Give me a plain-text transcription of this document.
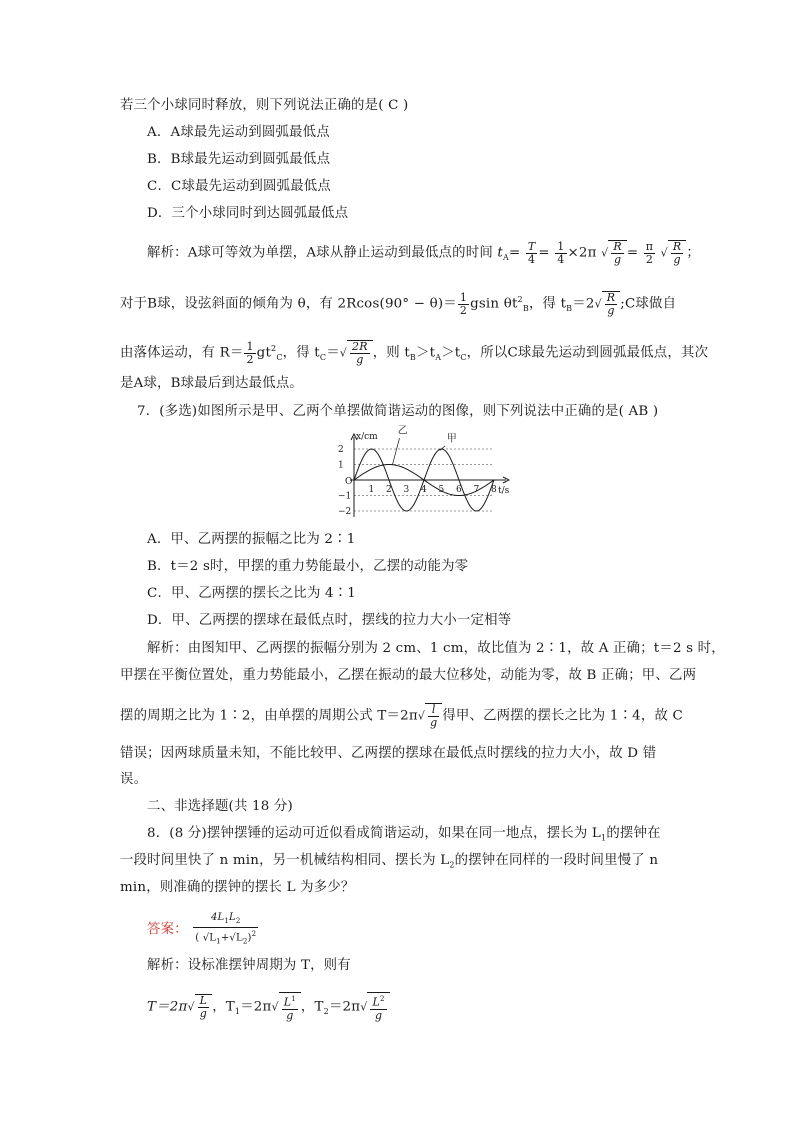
若三个小球同时释放，则下列说法正确的是( C )
A．A球最先运动到圆弧最低点
B．B球最先运动到圆弧最低点
C．C球最先运动到圆弧最低点
D．三个小球同时到达圆弧最低点
解析：A球可等效为单摆，A球从静止运动到最低点的时间 $t_A= \frac{T}{4} = \frac{1}{4} \times 2\pi$ √ $\frac{R}{g} = \frac{\pi}{2}$ √ $\frac{R}{g}$ ；
对于B球，设弦斜面的倾角为 θ，有 $2Rcos(90^\circ - \theta)= \frac{1}{2}$ gsin $\theta t^2_B$，得 $t_B=2√ \frac{R}{g}$ ;C球做自
由落体运动，有 $R= \frac{1}{2} gt^2_C$，得 $t_C=√ \frac{2R}{g}$ ，则 $t_B>t_A>t_C$，所以C球最先运动到圆弧最低点，其次
是A球，B球最后到达最低点。
7．(多选)如图所示是甲、乙两个单摆做简谐运动的图像，则下列说法中正确的是( AB )
x/cm
t/s
O
2
1
−1
−2
1 2 3 4 5 6 7 8
甲
乙
A．甲、乙两摆的振幅之比为 2∶1
B．t＝2 s时，甲摆的重力势能最小，乙摆的动能为零
C．甲、乙两摆的摆长之比为 4∶1
D．甲、乙两摆的摆球在最低点时，摆线的拉力大小一定相等
解析：由图知甲、乙两摆的振幅分别为 2 cm、1 cm，故比值为 2∶1，故 A 正确；t＝2 s 时，
甲摆在平衡位置处，重力势能最小，乙摆在振动的最大位移处，动能为零，故 B 正确；甲、乙两
摆的周期之比为 1∶2，由单摆的周期公式 $T=2\pi√ \frac{l}{g}$ 得甲、乙两摆的摆长之比为 1∶4，故 C
错误；因两球质量未知，不能比较甲、乙两摆的摆球在最低点时摆线的拉力大小，故 D 错
误。
二、非选择题(共 18 分)
8．(8 分)摆钟摆锤的运动可近似看成简谐运动，如果在同一地点，摆长为 $L_1$的摆钟在
一段时间里快了 n min，另一机械结构相同、摆长为 $L_2$的摆钟在同样的一段时间里慢了 n
min，则准确的摆钟的摆长 L 为多少？
答案： $\frac{4L_1L_2}{( √L_1+√L_2)^2}$
解析：设标准摆钟周期为 T，则有
$T=2\pi√ \frac{L}{g}$ ，$T_1=2\pi√ \frac{L^1}{g}$ ，$T_2=2\pi√ \frac{L^2}{g}$
